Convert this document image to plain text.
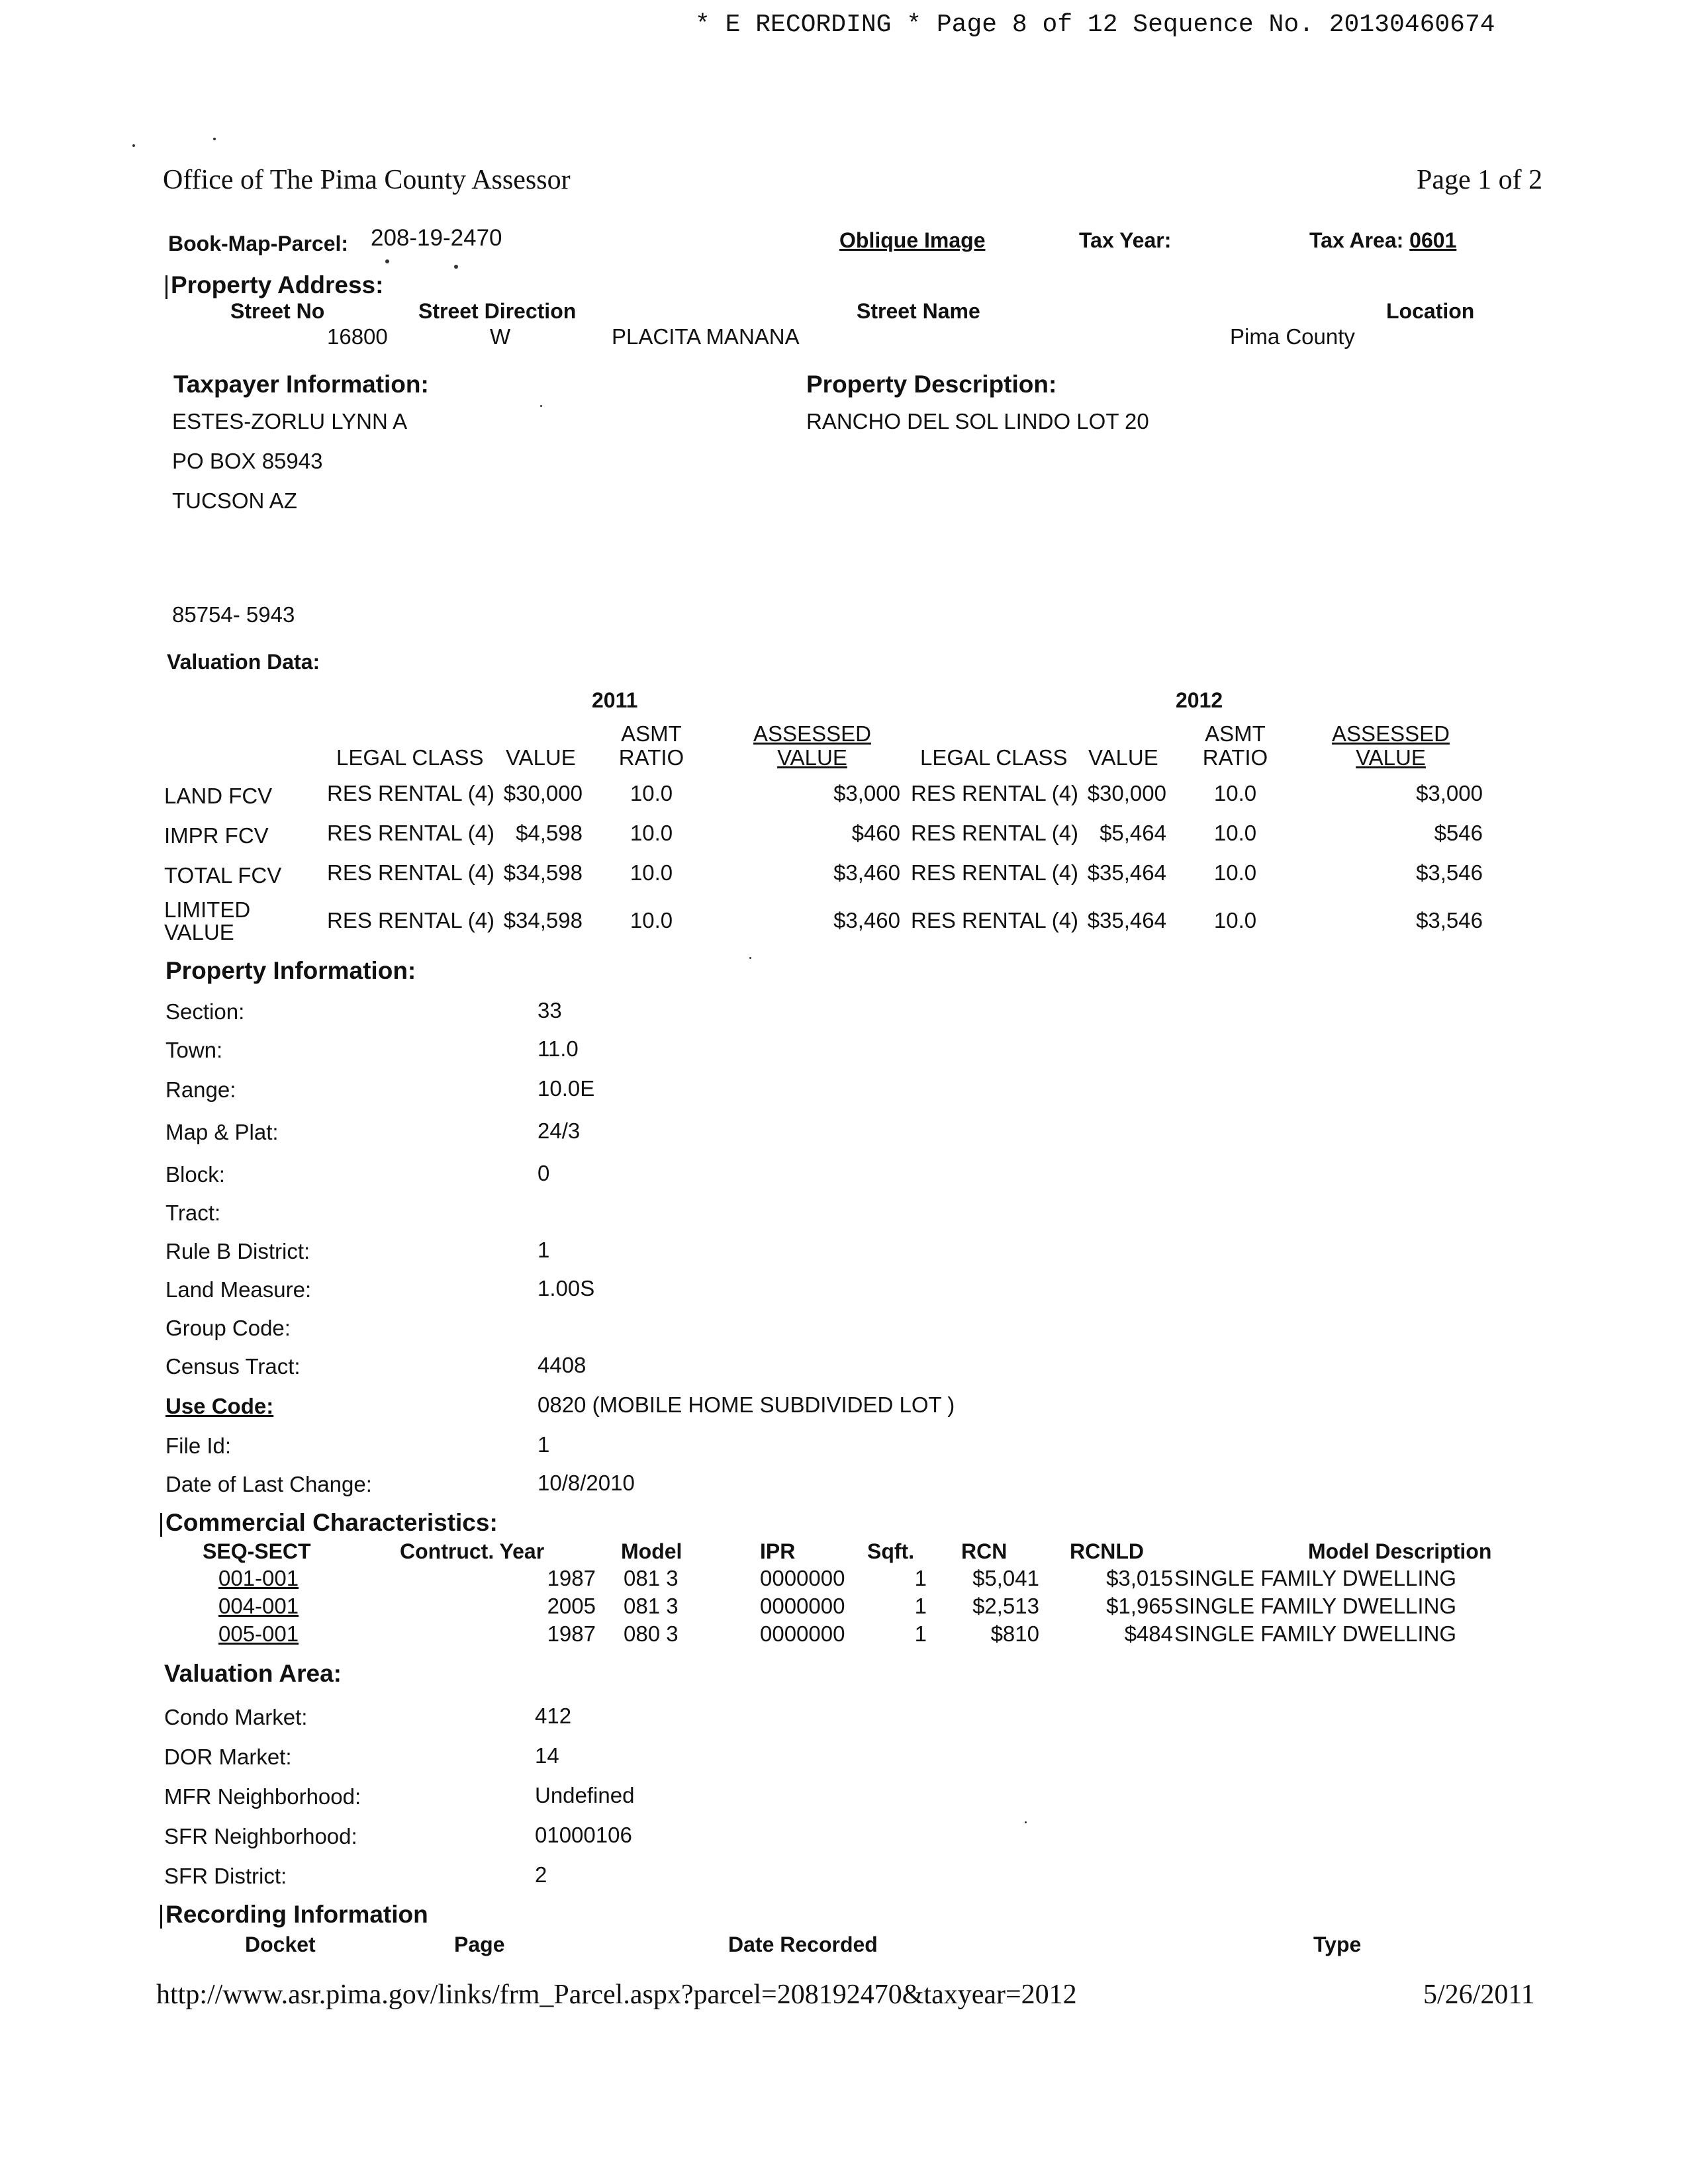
* E RECORDING * Page 8 of 12 Sequence No. 20130460674
Office of The Pima County Assessor	Page 1 of 2
Book-Map-Parcel: 208-19-2470	Oblique Image	Tax Year:	Tax Area: 0601
Property Address:
Street No	Street Direction	Street Name	Location
16800	W	PLACITA MANANA	Pima County
Taxpayer Information:
ESTES-ZORLU LYNN A
PO BOX 85943
TUCSON AZ
85754- 5943
Property Description:
RANCHO DEL SOL LINDO LOT 20
Valuation Data:
2011	2012
LEGAL CLASS VALUE
ASMT
RATIO
ASSESSED
VALUE	LEGAL CLASS VALUE
ASMT
RATIO
ASSESSED
VALUE
LAND FCV	RES RENTAL (4) $30,000	10.0	$3,000 RES RENTAL (4) $30,000	10.0	$3,000
IMPR FCV	RES RENTAL (4) $4,598	10.0	$460 RES RENTAL (4) $5,464	10.0	$546
TOTAL FCV RES RENTAL (4) $34,598	10.0	$3,460 RES RENTAL (4) $35,464	10.0	$3,546
LIMITED
VALUE	RES RENTAL (4) $34,598	10.0	$3,460 RES RENTAL (4) $35,464	10.0	$3,546
Property Information:
Section:	33
Town:	11.0
Range:	10.0E
Map & Plat:	24/3
Block:	0
Tract:
Rule B District:	1
Land Measure:	1.00S
Group Code:
Census Tract:	4408
Use Code:	0820 (MOBILE HOME SUBDIVIDED LOT )
File Id:	1
Date of Last Change:	10/8/2010
Commercial Characteristics:
SEQ-SECT	Contruct. Year	Model	IPR	Sqft. RCN	RCNLD	Model Description
001-001	1987 081 3	0000000	1	$5,041	$3,015 SINGLE FAMILY DWELLING
004-001	2005 081 3	0000000	1	$2,513	$1,965 SINGLE FAMILY DWELLING
005-001	1987 080 3	0000000	1	$810	$484 SINGLE FAMILY DWELLING
Valuation Area:
Condo Market:	412
DOR Market:	14
MFR Neighborhood:	Undefined
SFR Neighborhood:	01000106
SFR District:	2
Recording Information
Docket	Page	Date Recorded	Type
http://www.asr.pima.gov/links/frm_Parcel.aspx?parcel=208192470&taxyear=2012	5/26/2011
